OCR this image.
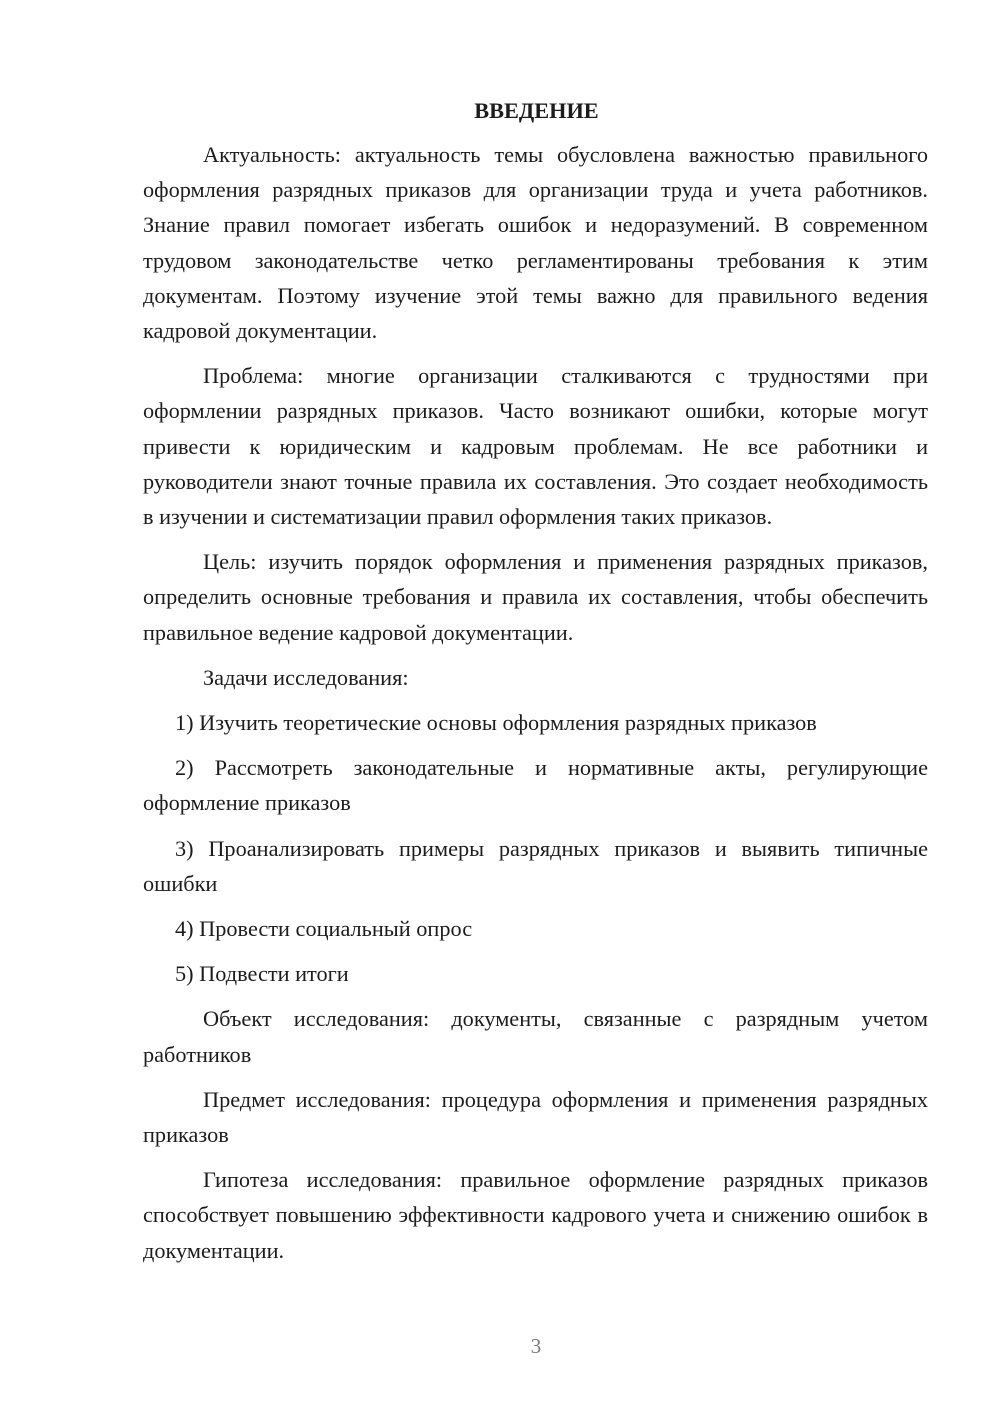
ВВЕДЕНИЕ

Актуальность: актуальность темы обусловлена важностью правильного оформления разрядных приказов для организации труда и учета работников. Знание правил помогает избегать ошибок и недоразумений. В современном трудовом законодательстве четко регламентированы требования к этим документам. Поэтому изучение этой темы важно для правильного ведения кадровой документации.

Проблема: многие организации сталкиваются с трудностями при оформлении разрядных приказов. Часто возникают ошибки, которые могут привести к юридическим и кадровым проблемам. Не все работники и руководители знают точные правила их составления. Это создает необходимость в изучении и систематизации правил оформления таких приказов.

Цель: изучить порядок оформления и применения разрядных приказов, определить основные требования и правила их составления, чтобы обеспечить правильное ведение кадровой документации.

Задачи исследования:

1) Изучить теоретические основы оформления разрядных приказов

2) Рассмотреть законодательные и нормативные акты, регулирующие оформление приказов

3) Проанализировать примеры разрядных приказов и выявить типичные ошибки

4) Провести социальный опрос

5) Подвести итоги

Объект исследования: документы, связанные с разрядным учетом работников

Предмет исследования: процедура оформления и применения разрядных приказов

Гипотеза исследования: правильное оформление разрядных приказов способствует повышению эффективности кадрового учета и снижению ошибок в документации.

3
